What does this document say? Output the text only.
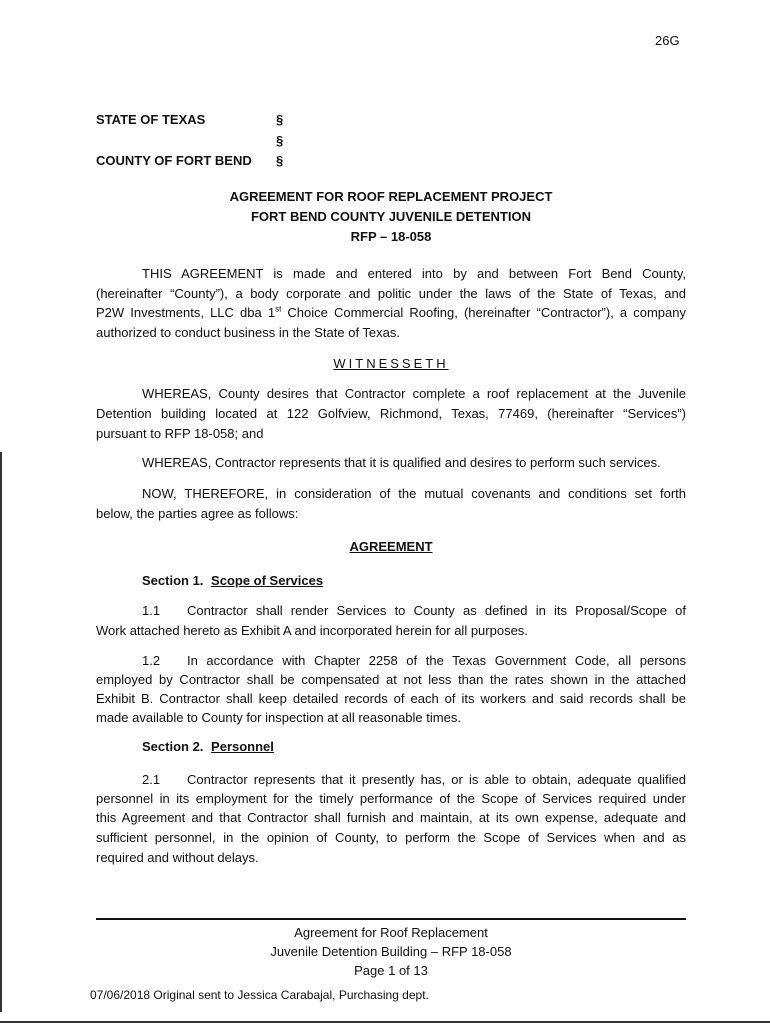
26G
STATE OF TEXAS	§
§
COUNTY OF FORT BEND §
AGREEMENT FOR ROOF REPLACEMENT PROJECT
FORT BEND COUNTY JUVENILE DETENTION
RFP – 18-058
THIS AGREEMENT is made and entered into by and between Fort Bend County,
(hereinafter “County”), a body corporate and politic under the laws of the State of Texas, and
P2W Investments, LLC dba 1st Choice Commercial Roofing, (hereinafter “Contractor”), a company
authorized to conduct business in the State of Texas.
WITNESSETH
WHEREAS, County desires that Contractor complete a roof replacement at the Juvenile
Detention building located at 122 Golfview, Richmond, Texas, 77469, (hereinafter “Services”)
pursuant to RFP 18-058; and
WHEREAS, Contractor represents that it is qualified and desires to perform such services.
NOW, THEREFORE, in consideration of the mutual covenants and conditions set forth
below, the parties agree as follows:
AGREEMENT
Section 1. Scope of Services
1.1 Contractor shall render Services to County as defined in its Proposal/Scope of
Work attached hereto as Exhibit A and incorporated herein for all purposes.
1.2 In accordance with Chapter 2258 of the Texas Government Code, all persons
employed by Contractor shall be compensated at not less than the rates shown in the attached
Exhibit B. Contractor shall keep detailed records of each of its workers and said records shall be
made available to County for inspection at all reasonable times.
Section 2. Personnel
2.1 Contractor represents that it presently has, or is able to obtain, adequate qualified
personnel in its employment for the timely performance of the Scope of Services required under
this Agreement and that Contractor shall furnish and maintain, at its own expense, adequate and
sufficient personnel, in the opinion of County, to perform the Scope of Services when and as
required and without delays.
Agreement for Roof Replacement
Juvenile Detention Building – RFP 18-058
Page 1 of 13
07/06/2018 Original sent to Jessica Carabajal, Purchasing dept.
